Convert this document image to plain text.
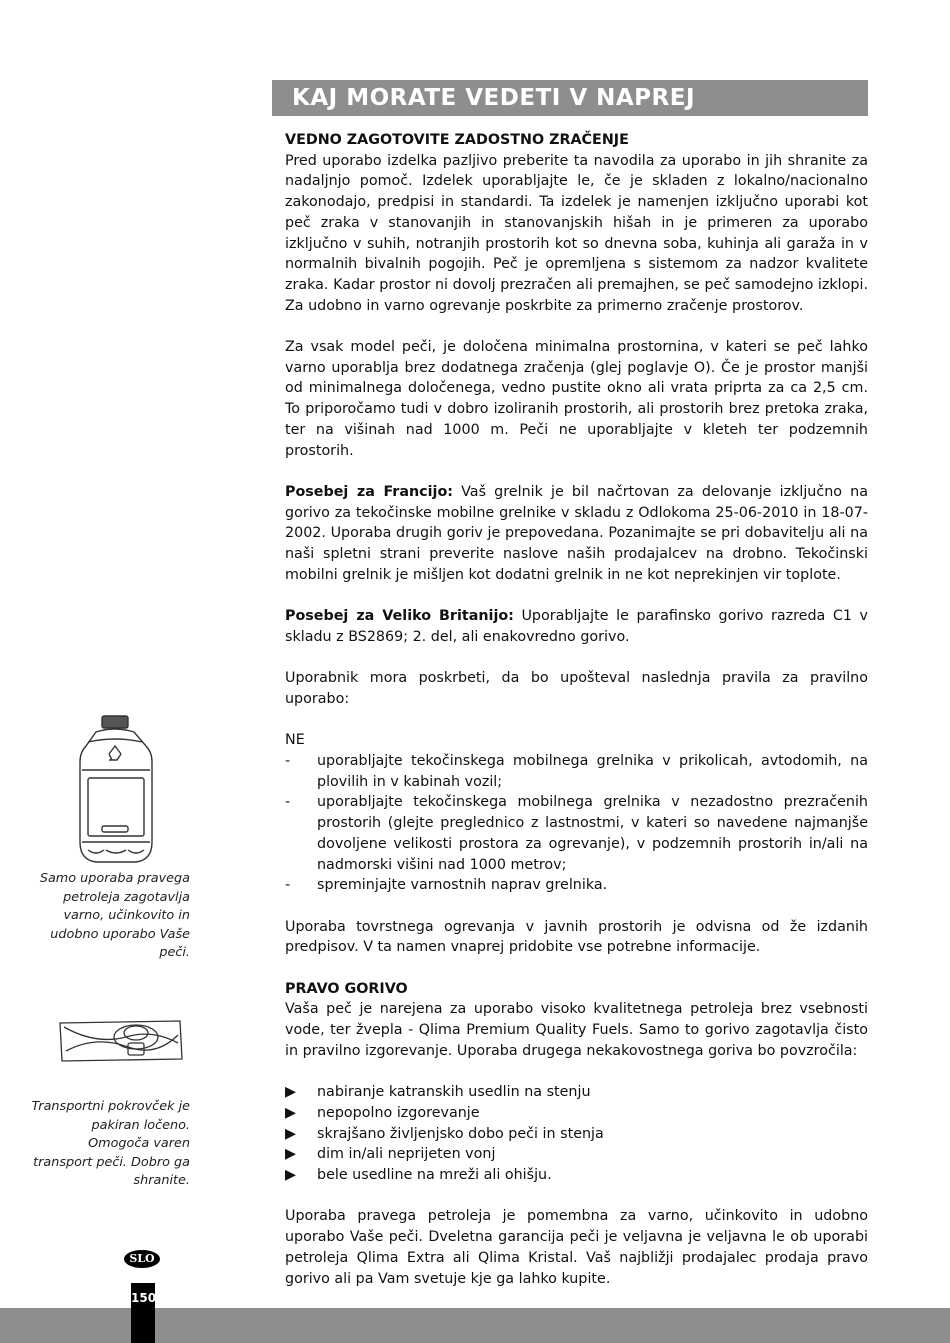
KAJ MORATE VEDETI V NAPREJ
VEDNO ZAGOTOVITE ZADOSTNO ZRAČENJE

Pred uporabo izdelka pazljivo preberite ta navodila za uporabo in jih shranite za nadaljnjo pomoč. Izdelek uporabljajte le, če je skladen z lokalno/nacionalno zakonodajo, predpisi in standardi. Ta izdelek je namenjen izključno uporabi kot peč zraka v stanovanjih in stanovanjskih hišah in je primeren za uporabo izključno v suhih, notranjih prostorih kot so dnevna soba, kuhinja ali garaža in v normalnih bivalnih pogojih. Peč je opremljena s sistemom za nadzor kvalitete zraka. Kadar prostor ni dovolj prezračen ali premajhen, se peč samodejno izklopi. Za udobno in varno ogrevanje poskrbite za primerno zračenje prostorov.

Za vsak model peči, je določena minimalna prostornina, v kateri se peč lahko varno uporablja brez dodatnega zračenja (glej poglavje O). Če je prostor manjši od minimalnega določenega, vedno pustite okno ali vrata priprta za ca 2,5 cm. To priporočamo tudi v dobro izoliranih prostorih, ali prostorih brez pretoka zraka, ter na višinah nad 1000 m. Peči ne uporabljajte v kleteh ter podzemnih prostorih.

Posebej za Francijo: Vaš grelnik je bil načrtovan za delovanje izključno na gorivo za tekočinske mobilne grelnike v skladu z Odlokoma 25-06-2010 in 18-07-2002. Uporaba drugih goriv je prepovedana. Pozanimajte se pri dobavitelju ali na naši spletni strani preverite naslove naših prodajalcev na drobno. Tekočinski mobilni grelnik je mišljen kot dodatni grelnik in ne kot neprekinjen vir toplote.

Posebej za Veliko Britanijo: Uporabljajte le parafinsko gorivo razreda C1 v skladu z BS2869; 2. del, ali enakovredno gorivo.

Uporabnik mora poskrbeti, da bo upošteval naslednja pravila za pravilno uporabo:

NE
- uporabljajte tekočinskega mobilnega grelnika v prikolicah, avtodomih, na plovilih in v kabinah vozil;
- uporabljajte tekočinskega mobilnega grelnika v nezadostno prezračenih prostorih (glejte preglednico z lastnostmi, v kateri so navedene najmanjše dovoljene velikosti prostora za ogrevanje), v podzemnih prostorih in/ali na nadmorski višini nad 1000 metrov;
- spreminjajte varnostnih naprav grelnika.

Uporaba tovrstnega ogrevanja v javnih prostorih je odvisna od že izdanih predpisov. V ta namen vnaprej pridobite vse potrebne informacije.

PRAVO GORIVO

Vaša peč je narejena za uporabo visoko kvalitetnega petroleja brez vsebnosti vode, ter žvepla - Qlima Premium Quality Fuels. Samo to gorivo zagotavlja čisto in pravilno izgorevanje. Uporaba drugega nekakovostnega goriva bo povzročila:

▶ nabiranje katranskih usedlin na stenju
▶ nepopolno izgorevanje
▶ skrajšano življenjsko dobo peči in stenja
▶ dim in/ali neprijeten vonj
▶ bele usedline na mreži ali ohišju.

Uporaba pravega petroleja je pomembna za varno, učinkovito in udobno uporabo Vaše peči. Dveletna garancija peči je veljavna je veljavna le ob uporabi petroleja Qlima Extra ali Qlima Kristal. Vaš najbližji prodajalec prodaja pravo gorivo ali pa Vam svetuje kje ga lahko kupite.

Samo uporaba pravega petroleja zagotavlja varno, učinkovito in udobno uporabo Vaše peči.
Transportni pokrovček je pakiran ločeno. Omogoča varen transport peči. Dobro ga shranite.
SLO
150
